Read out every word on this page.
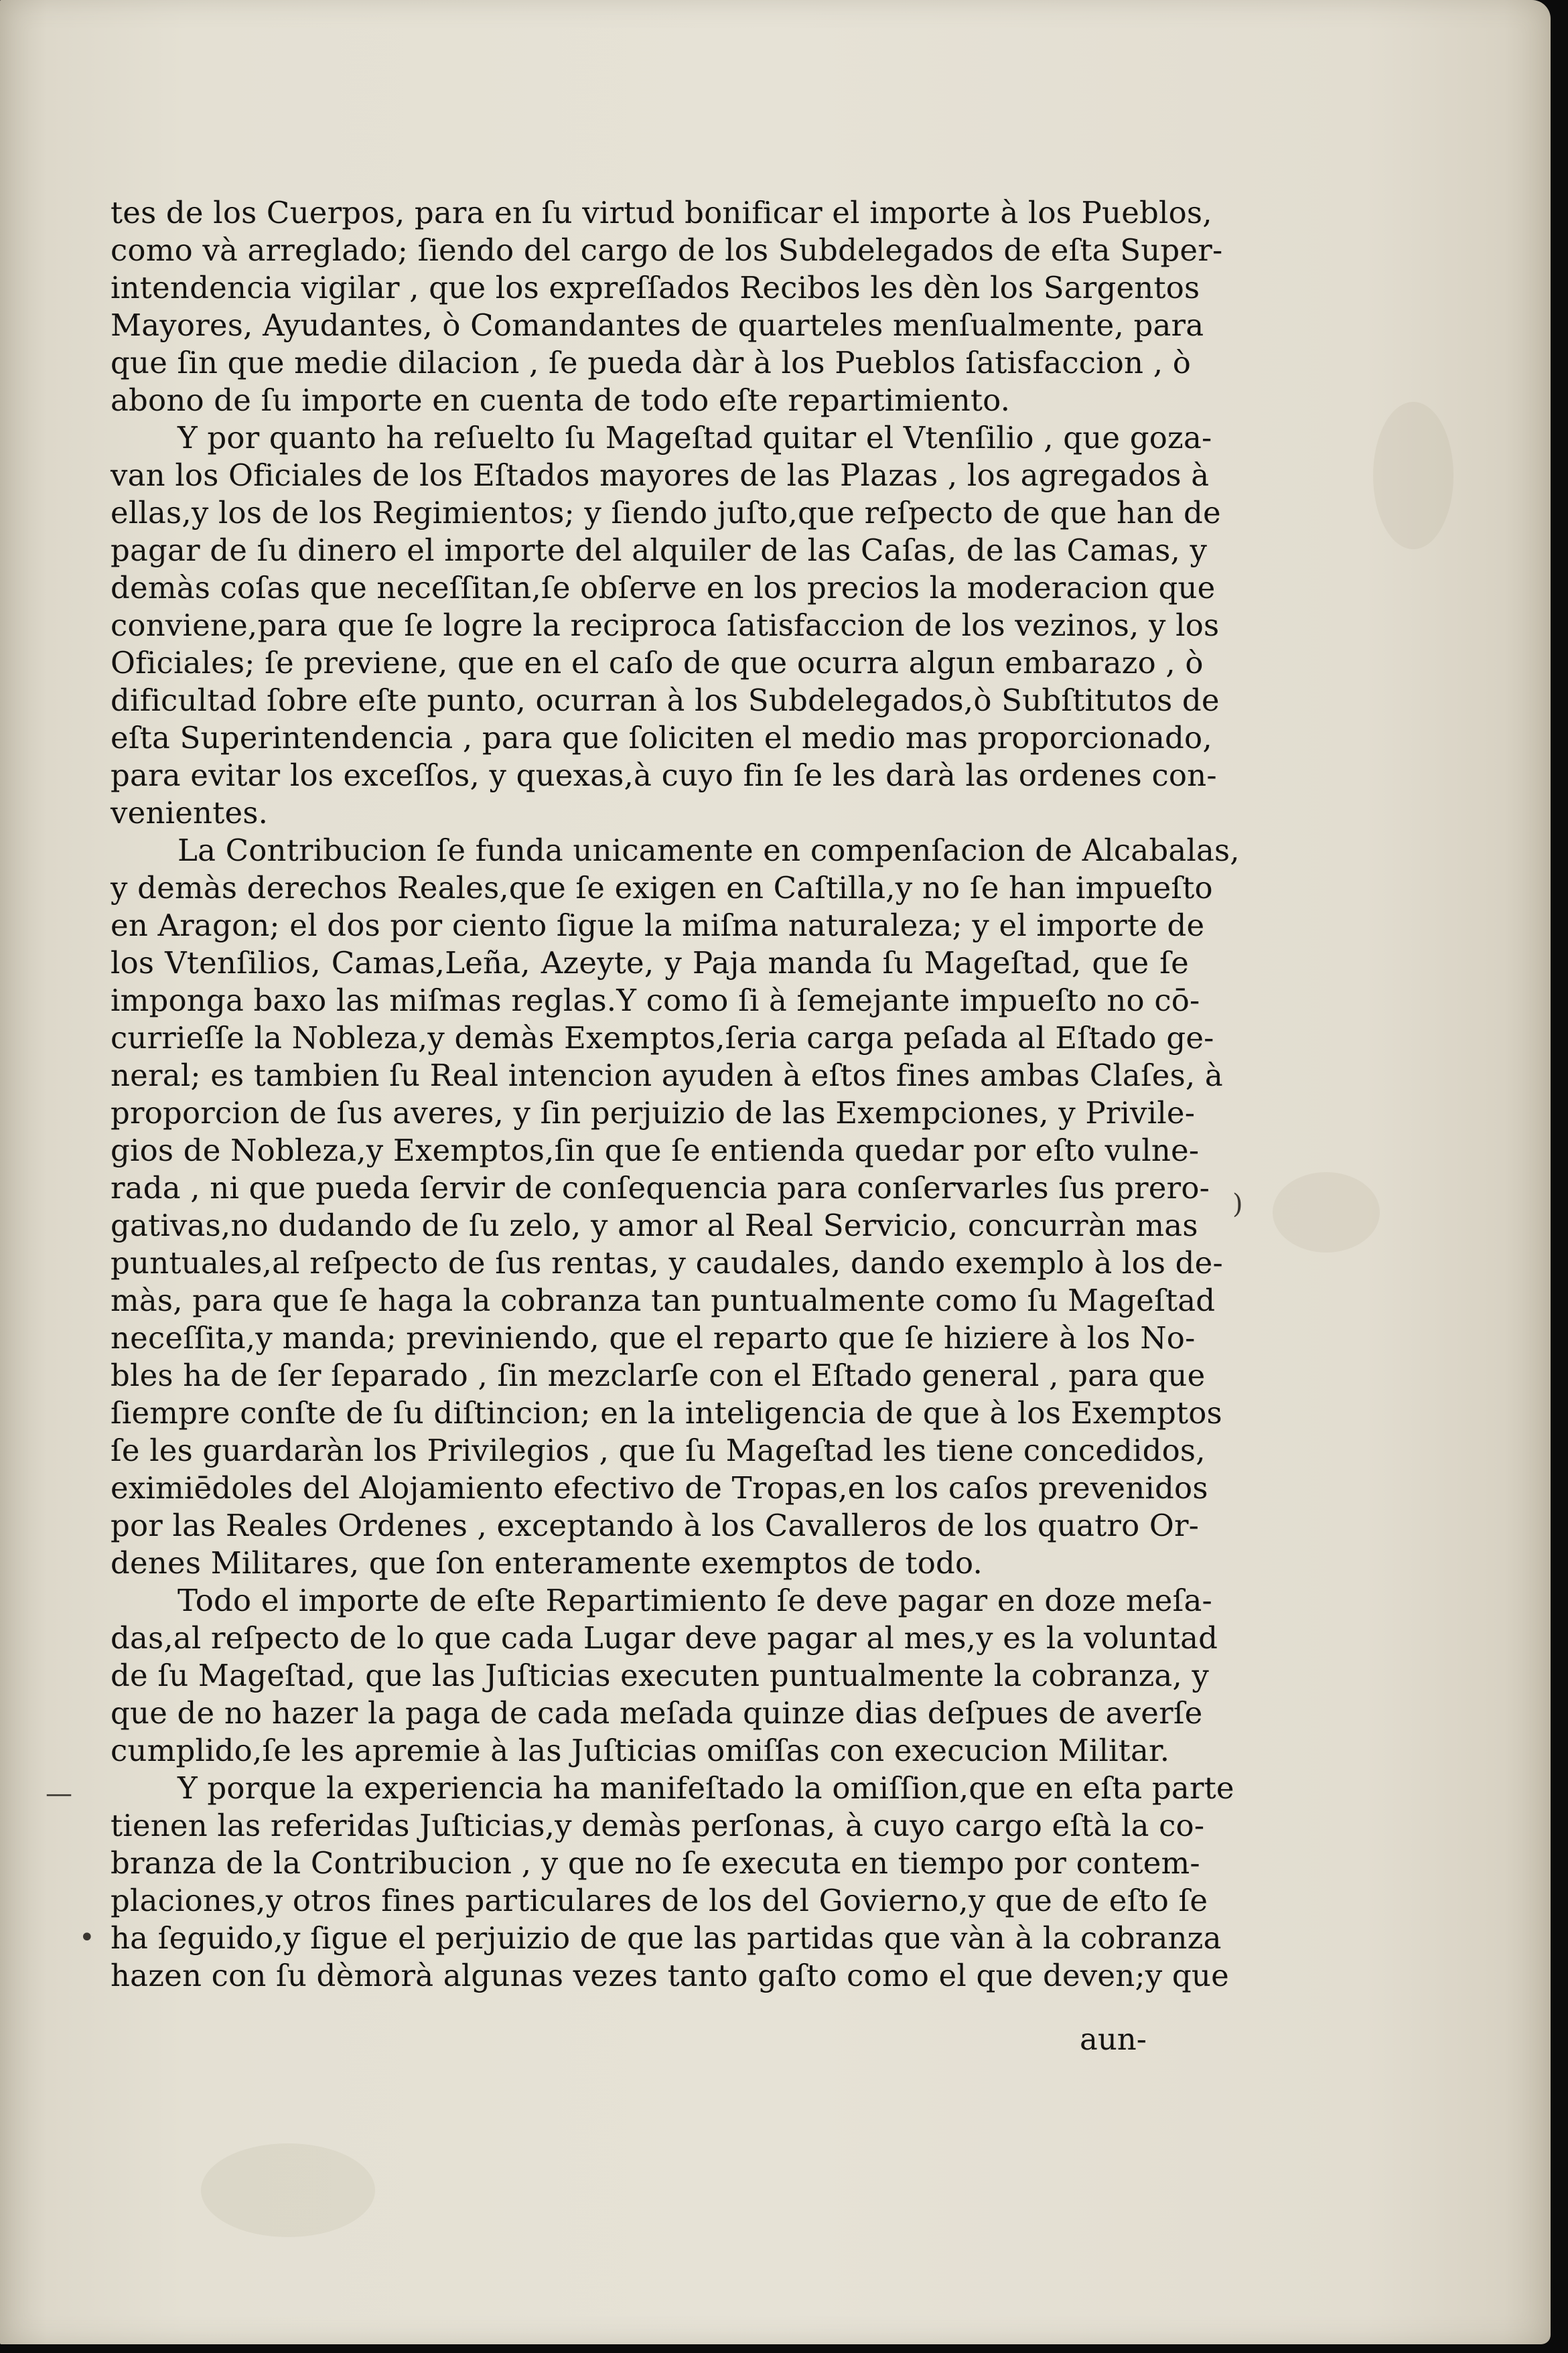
)
—
•
tes de los Cuerpos, para en ſu virtud bonificar el importe à los Pueblos,
como và arreglado; ſiendo del cargo de los Subdelegados de eſta Super-
intendencia vigilar , que los expreſſados Recibos les dèn los Sargentos
Mayores, Ayudantes, ò Comandantes de quarteles menſualmente, para
que ſin que medie dilacion , ſe pueda dàr à los Pueblos ſatisfaccion , ò
abono de ſu importe en cuenta de todo eſte repartimiento.
Y por quanto ha reſuelto ſu Mageſtad quitar el Vtenſilio , que goza-
van los Oficiales de los Eſtados mayores de las Plazas , los agregados à
ellas,y los de los Regimientos; y ſiendo juſto,que reſpecto de que han de
pagar de ſu dinero el importe del alquiler de las Caſas, de las Camas, y
demàs coſas que neceſſitan,ſe obſerve en los precios la moderacion que
conviene,para que ſe logre la reciproca ſatisfaccion de los vezinos, y los
Oficiales; ſe previene, que en el caſo de que ocurra algun embarazo , ò
dificultad ſobre eſte punto, ocurran à los Subdelegados,ò Subſtitutos de
eſta Superintendencia , para que ſoliciten el medio mas proporcionado,
para evitar los exceſſos, y quexas,à cuyo fin ſe les darà las ordenes con-
venientes.
La Contribucion ſe funda unicamente en compenſacion de Alcabalas,
y demàs derechos Reales,que ſe exigen en Caſtilla,y no ſe han impueſto
en Aragon; el dos por ciento ſigue la miſma naturaleza; y el importe de
los Vtenſilios, Camas,Leña, Azeyte, y Paja manda ſu Mageſtad, que ſe
imponga baxo las miſmas reglas.Y como ſi à ſemejante impueſto no cō-
currieſſe la Nobleza,y demàs Exemptos,ſeria carga peſada al Eſtado ge-
neral; es tambien ſu Real intencion ayuden à eſtos fines ambas Claſes, à
proporcion de ſus averes, y ſin perjuizio de las Exempciones, y Privile-
gios de Nobleza,y Exemptos,ſin que ſe entienda quedar por eſto vulne-
rada , ni que pueda ſervir de conſequencia para conſervarles ſus prero-
gativas,no dudando de ſu zelo, y amor al Real Servicio, concurràn mas
puntuales,al reſpecto de ſus rentas, y caudales, dando exemplo à los de-
màs, para que ſe haga la cobranza tan puntualmente como ſu Mageſtad
neceſſita,y manda; previniendo, que el reparto que ſe hiziere à los No-
bles ha de ſer ſeparado , ſin mezclarſe con el Eſtado general , para que
ſiempre conſte de ſu diſtincion; en la inteligencia de que à los Exemptos
ſe les guardaràn los Privilegios , que ſu Mageſtad les tiene concedidos,
eximiēdoles del Alojamiento efectivo de Tropas,en los caſos prevenidos
por las Reales Ordenes , exceptando à los Cavalleros de los quatro Or-
denes Militares, que ſon enteramente exemptos de todo.
Todo el importe de eſte Repartimiento ſe deve pagar en doze meſa-
das,al reſpecto de lo que cada Lugar deve pagar al mes,y es la voluntad
de ſu Mageſtad, que las Juſticias executen puntualmente la cobranza, y
que de no hazer la paga de cada meſada quinze dias deſpues de averſe
cumplido,ſe les apremie à las Juſticias omiſſas con execucion Militar.
Y porque la experiencia ha manifeſtado la omiſſion,que en eſta parte
tienen las referidas Juſticias,y demàs perſonas, à cuyo cargo eſtà la co-
branza de la Contribucion , y que no ſe executa en tiempo por contem-
placiones,y otros fines particulares de los del Govierno,y que de eſto ſe
ha ſeguido,y ſigue el perjuizio de que las partidas que vàn à la cobranza
hazen con ſu dèmorà algunas vezes tanto gaſto como el que deven;y que
aun-
